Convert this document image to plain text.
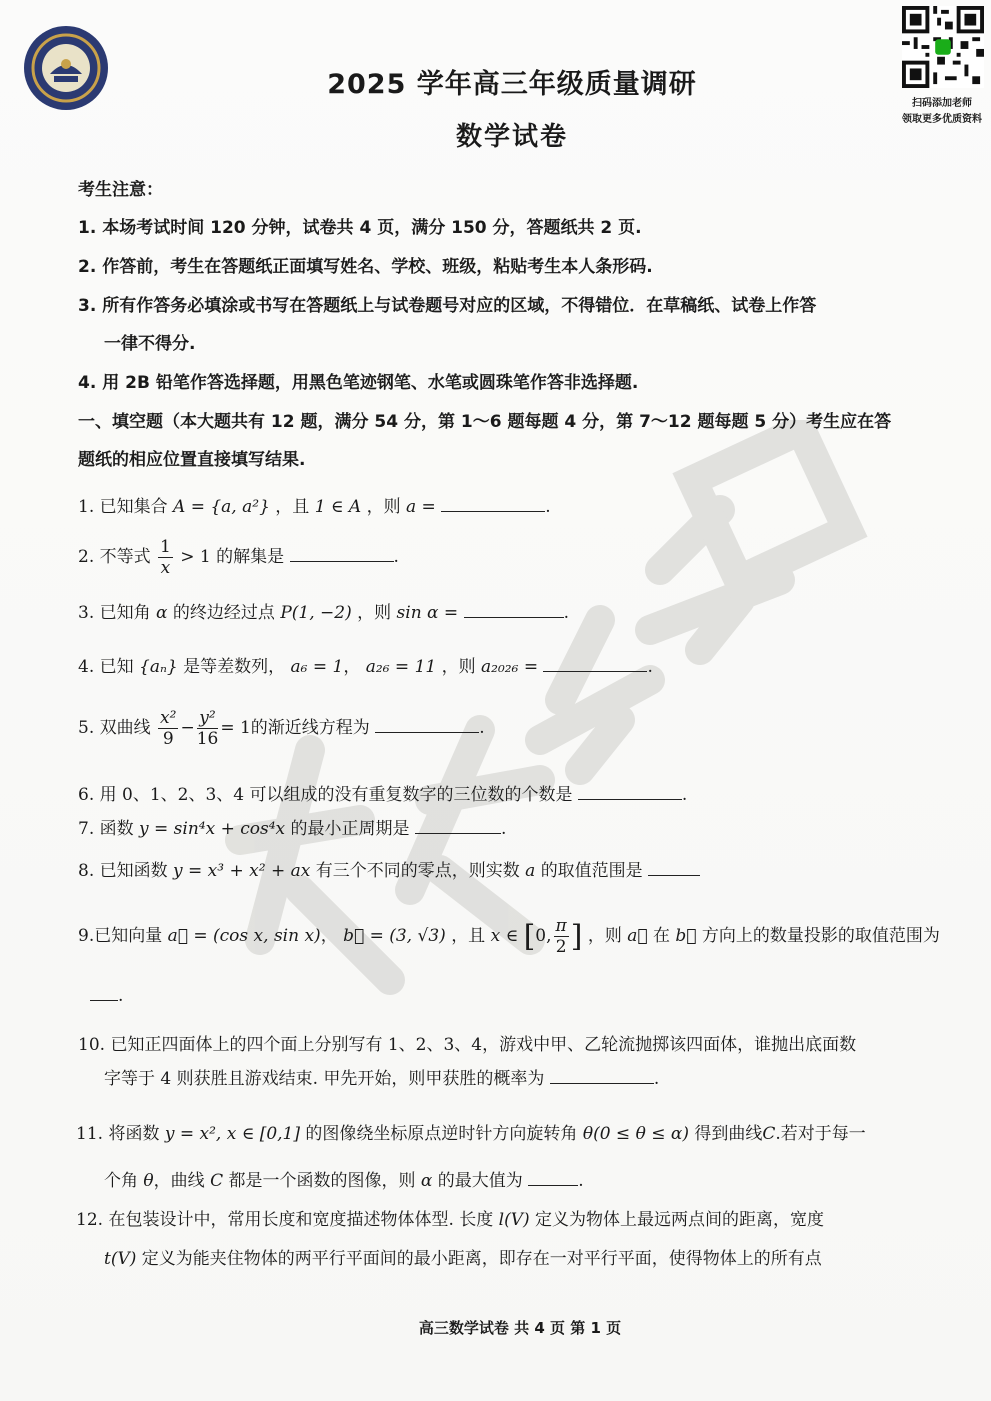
扫码添加老师
领取更多优质资料
2025 学年高三年级质量调研
数学试卷
考生注意：
1. 本场考试时间 120 分钟，试卷共 4 页，满分 150 分，答题纸共 2 页.
2. 作答前，考生在答题纸正面填写姓名、学校、班级，粘贴考生本人条形码.
3. 所有作答务必填涂或书写在答题纸上与试卷题号对应的区域，不得错位．在草稿纸、试卷上作答
一律不得分.
4. 用 2B 铅笔作答选择题，用黑色笔迹钢笔、水笔或圆珠笔作答非选择题.
一、填空题（本大题共有 12 题，满分 54 分，第 1～6 题每题 4 分，第 7～12 题每题 5 分）考生应在答
题纸的相应位置直接填写结果.
1. 已知集合 A = {a, a²} ，且 1 ∈ A ，则 a =	.
2. 不等式 $\frac{1}{x} > 1$ 的解集是	.
3. 已知角 α 的终边经过点 P(1, −2) ，则 sin α =	.
4. 已知 {aₙ} 是等差数列， a₆ = 1， a₂₆ = 11 ，则 a₂₀₂₆ =	.
5. 双曲线 $\frac{\text{x²}}{9} - \frac{\text{y²}}{16} = 1$的渐近线方程为	.
6. 用 0、1、2、3、4 可以组成的没有重复数字的三位数的个数是	.
7. 函数 y = sin⁴x + cos⁴x 的最小正周期是	.
8. 已知函数 y = x³ + x² + ax 有三个不同的零点，则实数 a 的取值范围是
9.已知向量 a⃗ = (cos x, sin x)， b⃗ = (3, √3) ，且 x ∈ [0, $\frac{\pi}{2}$ ] ，则 a⃗ 在 b⃗ 方向上的数量投影的取值范围为
.
10. 已知正四面体上的四个面上分别写有 1、2、3、4，游戏中甲、乙轮流抛掷该四面体，谁抛出底面数
字等于 4 则获胜且游戏结束. 甲先开始，则甲获胜的概率为	.
11. 将函数 y = x², x ∈ [0,1] 的图像绕坐标原点逆时针方向旋转角 θ(0 ≤ θ ≤ α) 得到曲线C.若对于每一
个角 θ，曲线 C 都是一个函数的图像，则 α 的最大值为	.
12. 在包装设计中，常用长度和宽度描述物体体型. 长度 l(V) 定义为物体上最远两点间的距离，宽度
t(V) 定义为能夹住物体的两平行平面间的最小距离，即存在一对平行平面，使得物体上的所有点
高三数学试卷 共 4 页 第 1 页
